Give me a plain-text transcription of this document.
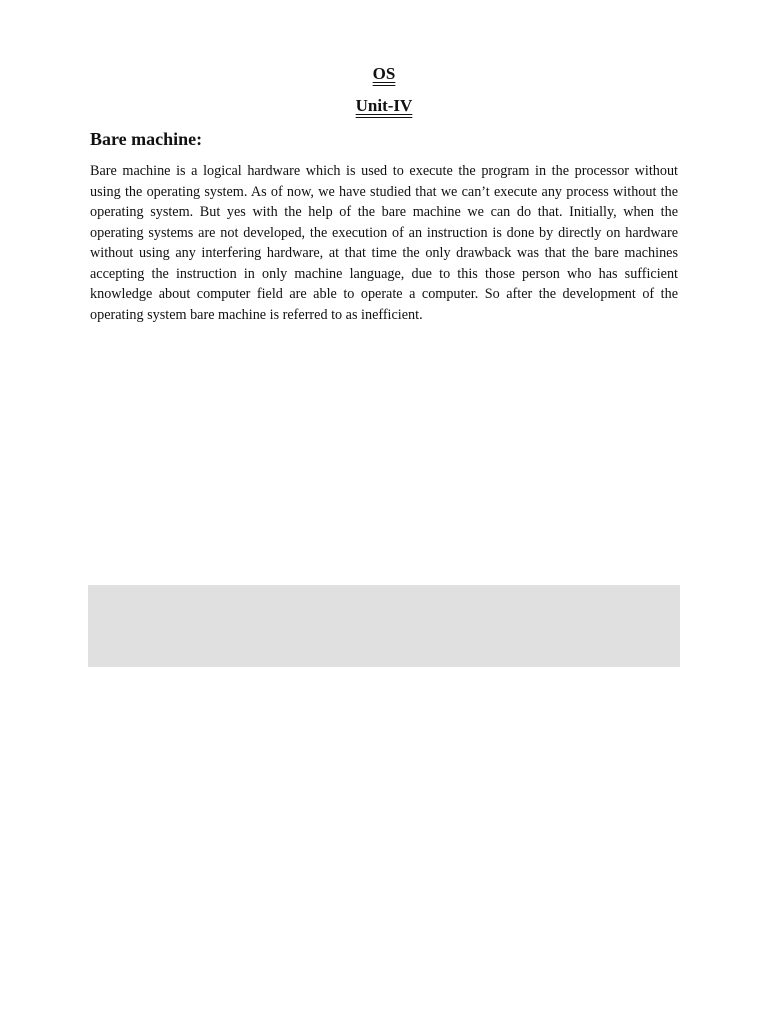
OS

Unit-IV

Bare machine:

Bare machine is a logical hardware which is used to execute the program in the processor without using the operating system. As of now, we have studied that we can’t execute any process without the operating system. But yes with the help of the bare machine we can do that. Initially, when the operating systems are not developed, the execution of an instruction is done by directly on hardware without using any interfering hardware, at that time the only drawback was that the bare machines accepting the instruction in only machine language, due to this those person who has sufficient knowledge about computer field are able to operate a computer. So after the development of the operating system bare machine is referred to as inefficient.
